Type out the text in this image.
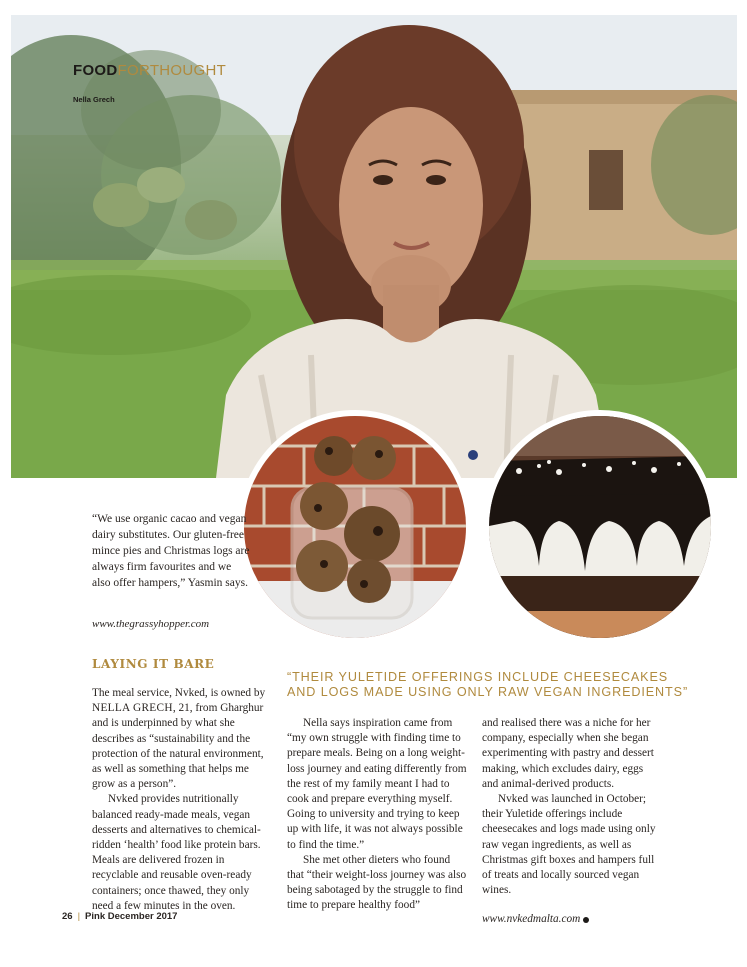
FOODFORTHOUGHT
Nella Grech
“We use organic cacao and vegan dairy substitutes. Our gluten-free mince pies and Christmas logs are always firm favourites and we also offer hampers,” Yasmin says.
www.thegrassyhopper.com
LAYING IT BARE
“THEIR YULETIDE OFFERINGS INCLUDE CHEESECAKES AND LOGS MADE USING ONLY RAW VEGAN INGREDIENTS”

The meal service, Nvked, is owned by NELLA GRECH, 21, from Gharghur and is underpinned by what she describes as “sustainability and the protection of the natural environment, as well as something that helps me grow as a person”.

Nvked provides nutritionally balanced ready-made meals, vegan desserts and alternatives to chemical-ridden ‘health’ food like protein bars. Meals are delivered frozen in recyclable and reusable oven-ready containers; once thawed, they only need a few minutes in the oven.

Nella says inspiration came from “my own struggle with finding time to prepare meals. Being on a long weight-loss journey and eating differently from the rest of my family meant I had to cook and prepare everything myself. Going to university and trying to keep up with life, it was not always possible to find the time.”

She met other dieters who found that “their weight-loss journey was also being sabotaged by the struggle to find time to prepare healthy food”

and realised there was a niche for her company, especially when she began experimenting with pastry and dessert making, which excludes dairy, eggs and animal-derived products.

Nvked was launched in October; their Yuletide offerings include cheesecakes and logs made using only raw vegan ingredients, as well as Christmas gift boxes and hampers full of treats and locally sourced vegan wines.

www.nvkedmalta.com

26 | Pink December 2017
